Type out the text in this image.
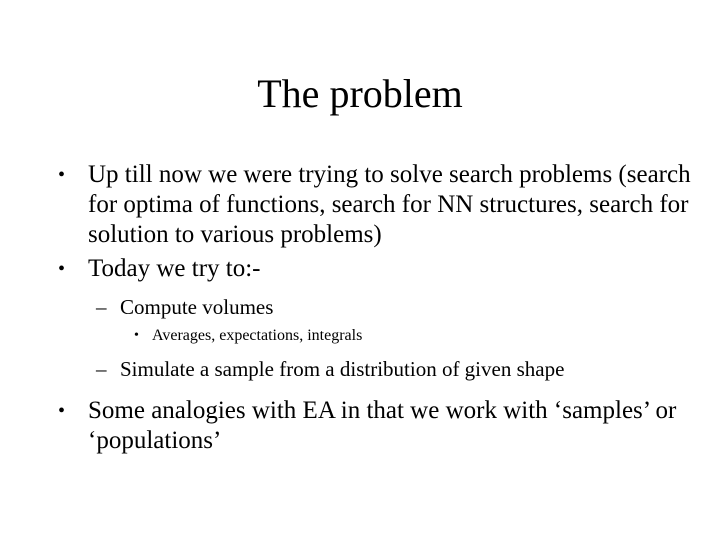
The problem
• Up till now we were trying to solve search problems (search for optima of functions, search for NN structures, search for solution to various problems)
• Today we try to:-
– Compute volumes
• Averages, expectations, integrals
– Simulate a sample from a distribution of given shape
• Some analogies with EA in that we work with ‘samples’ or ‘populations’
